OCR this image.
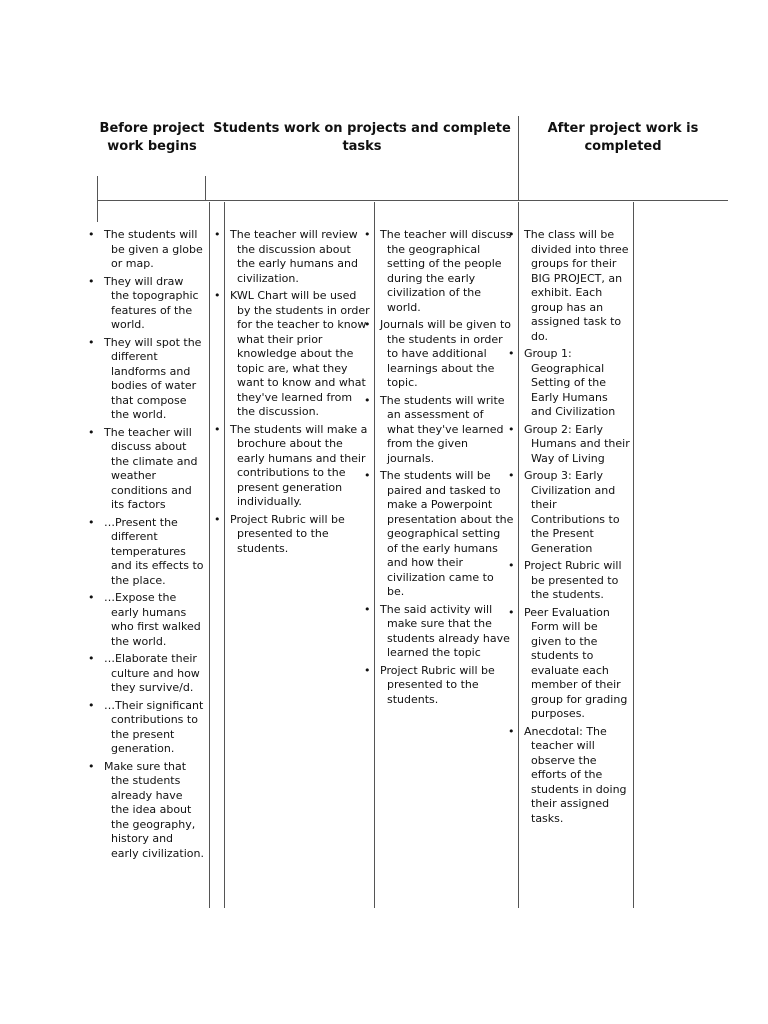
Before project work begins
Students work on projects and complete tasks
After project work is completed
• The students will be given a globe or map.
• They will draw the topographic features of the world.
• They will spot the different landforms and bodies of water that compose the world.
• The teacher will discuss about the climate and weather conditions and its factors
• …Present the different temperatures and its effects to the place.
• …Expose the early humans who first walked the world.
• …Elaborate their culture and how they survive/d.
• …Their significant contributions to the present generation.
• Make sure that the students already have the idea about the geography, history and early civilization.
• The teacher will review the discussion about the early humans and civilization.
• KWL Chart will be used by the students in order for the teacher to know what their prior knowledge about the topic are, what they want to know and what they've learned from the discussion.
• The students will make a brochure about the early humans and their contributions to the present generation individually.
• Project Rubric will be presented to the students.
• The teacher will discuss the geographical setting of the people during the early civilization of the world.
• Journals will be given to the students in order to have additional learnings about the topic.
• The students will write an assessment of what they've learned from the given journals.
• The students will be paired and tasked to make a Powerpoint presentation about the geographical setting of the early humans and how their civilization came to be.
• The said activity will make sure that the students already have learned the topic
• Project Rubric will be presented to the students.
• The class will be divided into three groups for their BIG PROJECT, an exhibit. Each group has an assigned task to do.
• Group 1: Geographical Setting of the Early Humans and Civilization
• Group 2: Early Humans and their Way of Living
• Group 3: Early Civilization and their Contributions to the Present Generation
• Project Rubric will be presented to the students.
• Peer Evaluation Form will be given to the students to evaluate each member of their group for grading purposes.
• Anecdotal: The teacher will observe the efforts of the students in doing their assigned tasks.
